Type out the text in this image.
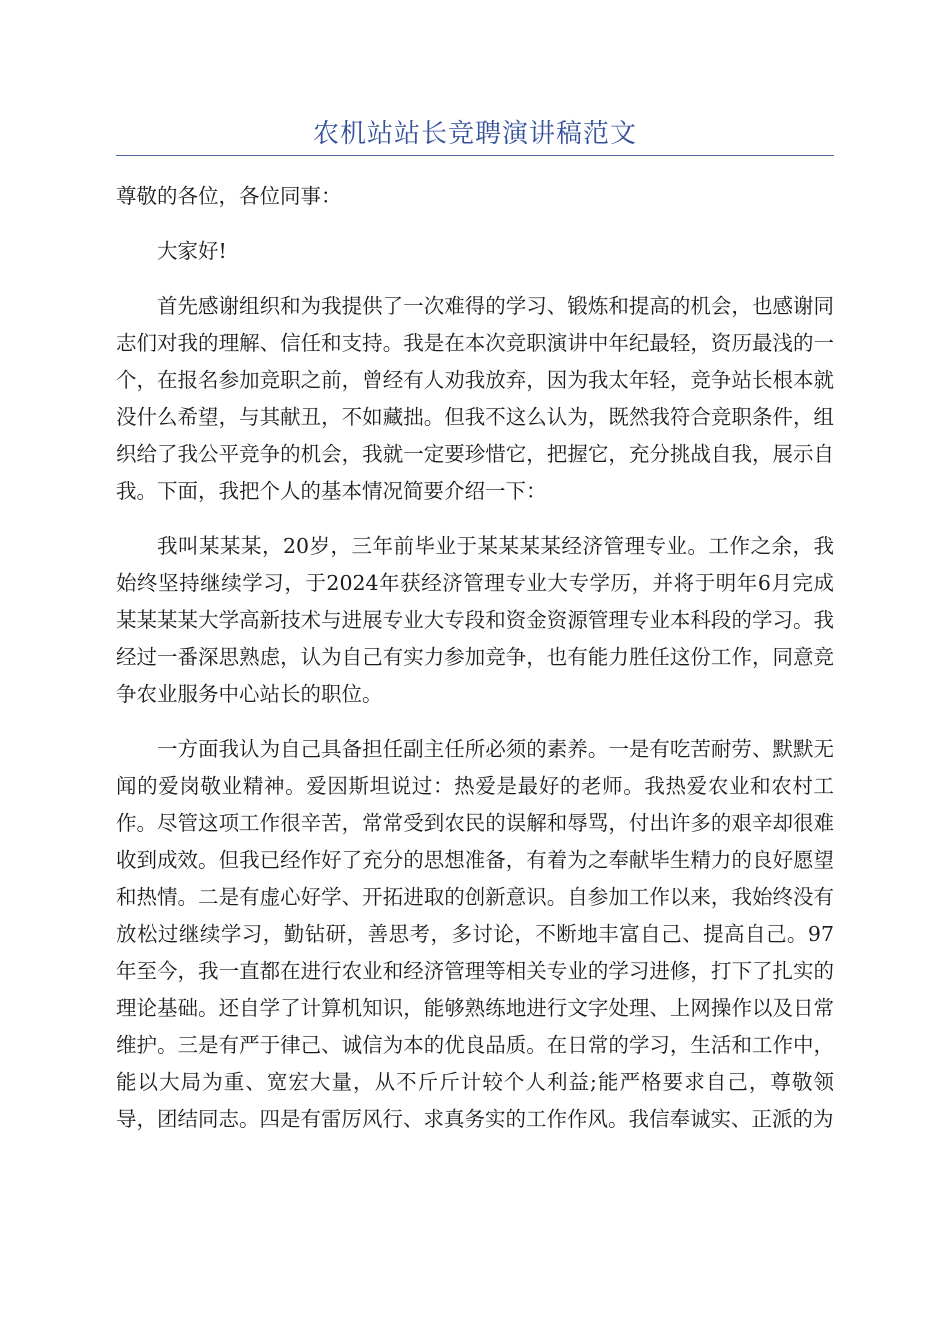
农机站站长竞聘演讲稿范文

尊敬的各位，各位同事：

大家好!

首先感谢组织和为我提供了一次难得的学习、锻炼和提高的机会，也感谢同志们对我的理解、信任和支持。我是在本次竞职演讲中年纪最轻，资历最浅的一个，在报名参加竞职之前，曾经有人劝我放弃，因为我太年轻，竞争站长根本就没什么希望，与其献丑，不如藏拙。但我不这么认为，既然我符合竞职条件，组织给了我公平竞争的机会，我就一定要珍惜它，把握它，充分挑战自我，展示自我。下面，我把个人的基本情况简要介绍一下：

我叫某某某，20岁，三年前毕业于某某某某经济管理专业。工作之余，我始终坚持继续学习，于2024年获经济管理专业大专学历，并将于明年6月完成某某某某大学高新技术与进展专业大专段和资金资源管理专业本科段的学习。我经过一番深思熟虑，认为自己有实力参加竞争，也有能力胜任这份工作，同意竞争农业服务中心站长的职位。

一方面我认为自己具备担任副主任所必须的素养。一是有吃苦耐劳、默默无闻的爱岗敬业精神。爱因斯坦说过：热爱是最好的老师。我热爱农业和农村工作。尽管这项工作很辛苦，常常受到农民的误解和辱骂，付出许多的艰辛却很难收到成效。但我已经作好了充分的思想准备，有着为之奉献毕生精力的良好愿望和热情。二是有虚心好学、开拓进取的创新意识。自参加工作以来，我始终没有放松过继续学习，勤钻研，善思考，多讨论，不断地丰富自己、提高自己。97年至今，我一直都在进行农业和经济管理等相关专业的学习进修，打下了扎实的理论基础。还自学了计算机知识，能够熟练地进行文字处理、上网操作以及日常维护。三是有严于律己、诚信为本的优良品质。在日常的学习，生活和工作中，能以大局为重、宽宏大量，从不斤斤计较个人利益;能严格要求自己，尊敬领导，团结同志。四是有雷厉风行、求真务实的工作作风。我信奉诚实、正派的为
